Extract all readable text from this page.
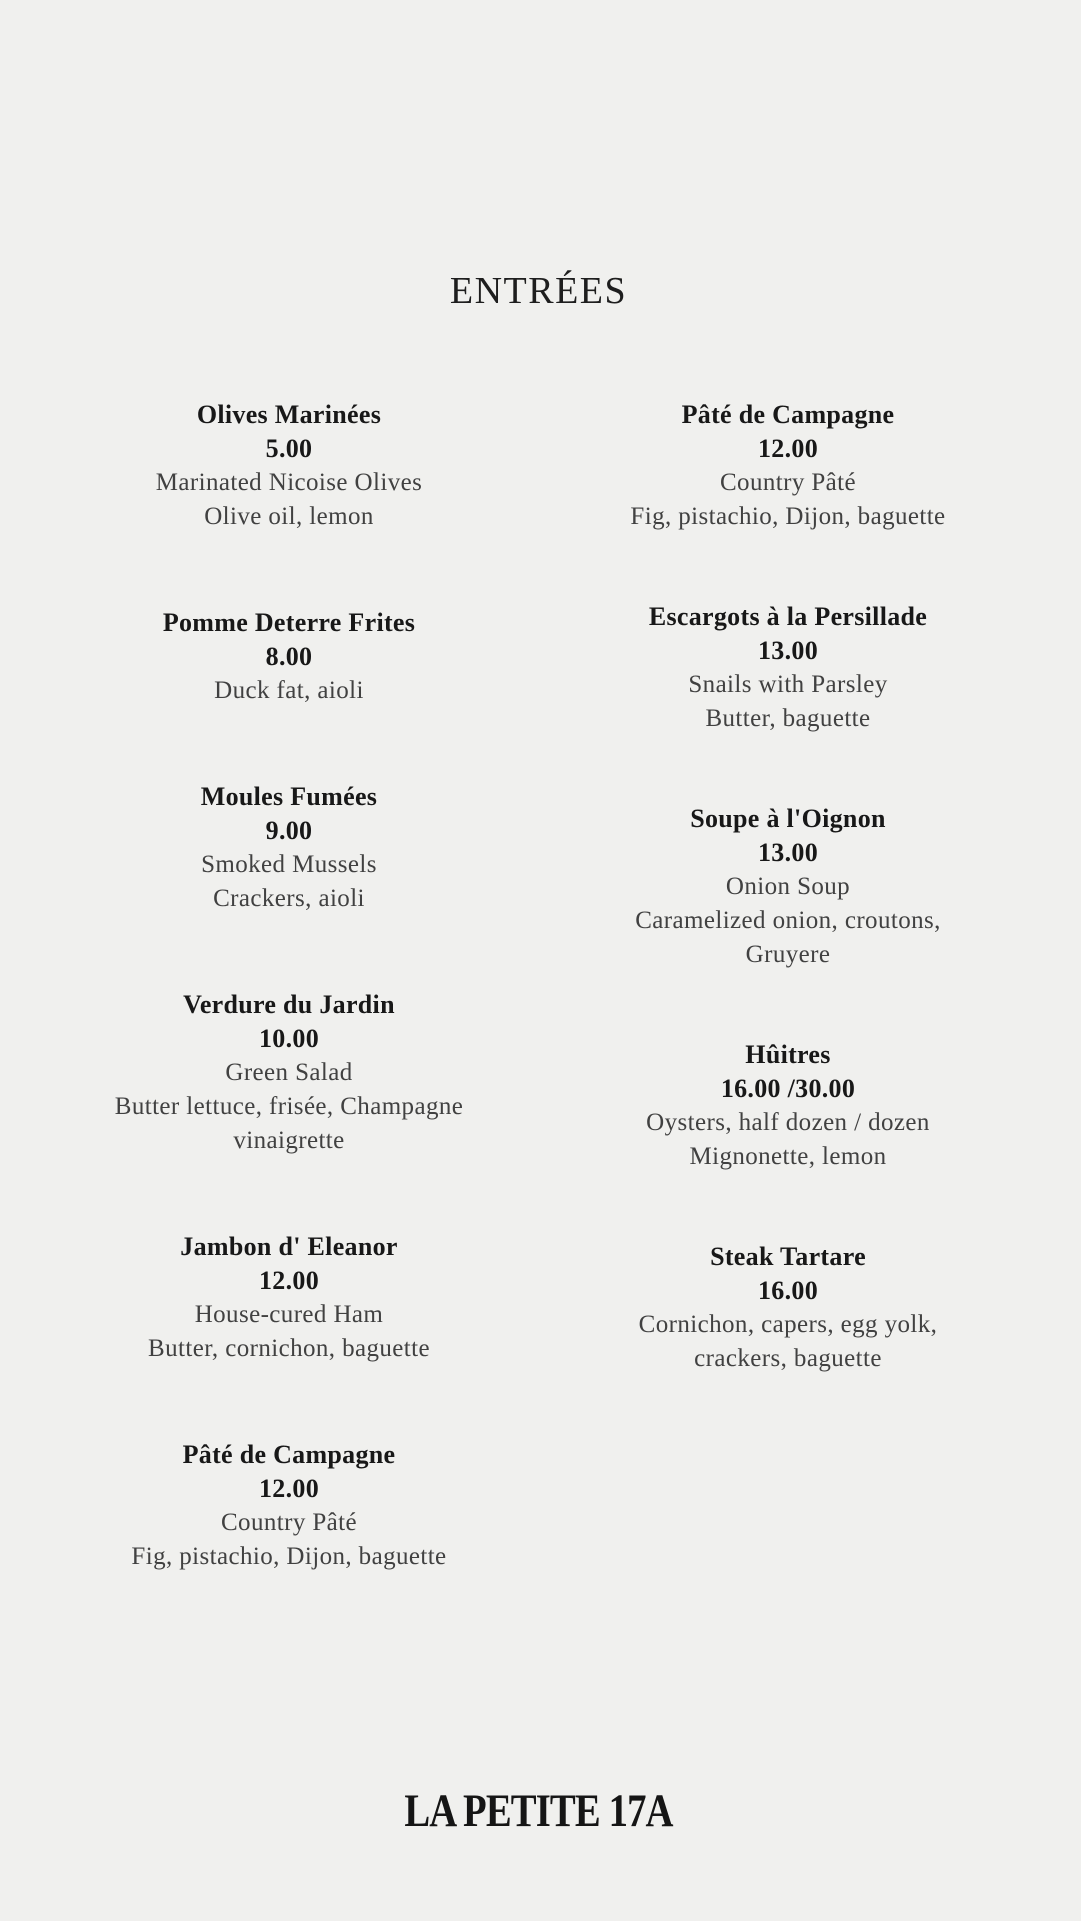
ENTRÉES
Olives Marinées
5.00
Marinated Nicoise Olives
Olive oil, lemon
Pomme Deterre Frites
8.00
Duck fat, aioli
Moules Fumées
9.00
Smoked Mussels
Crackers, aioli
Verdure du Jardin
10.00
Green Salad
Butter lettuce, frisée, Champagne
vinaigrette
Jambon d' Eleanor
12.00
House-cured Ham
Butter, cornichon, baguette
Pâté de Campagne
12.00
Country Pâté
Fig, pistachio, Dijon, baguette
Pâté de Campagne
12.00
Country Pâté
Fig, pistachio, Dijon, baguette
Escargots à la Persillade
13.00
Snails with Parsley
Butter, baguette
Soupe à l'Oignon
13.00
Onion Soup
Caramelized onion, croutons,
Gruyere
Hûitres
16.00 /30.00
Oysters, half dozen / dozen
Mignonette, lemon
Steak Tartare
16.00
Cornichon, capers, egg yolk,
crackers, baguette
LA PETITE 17A
